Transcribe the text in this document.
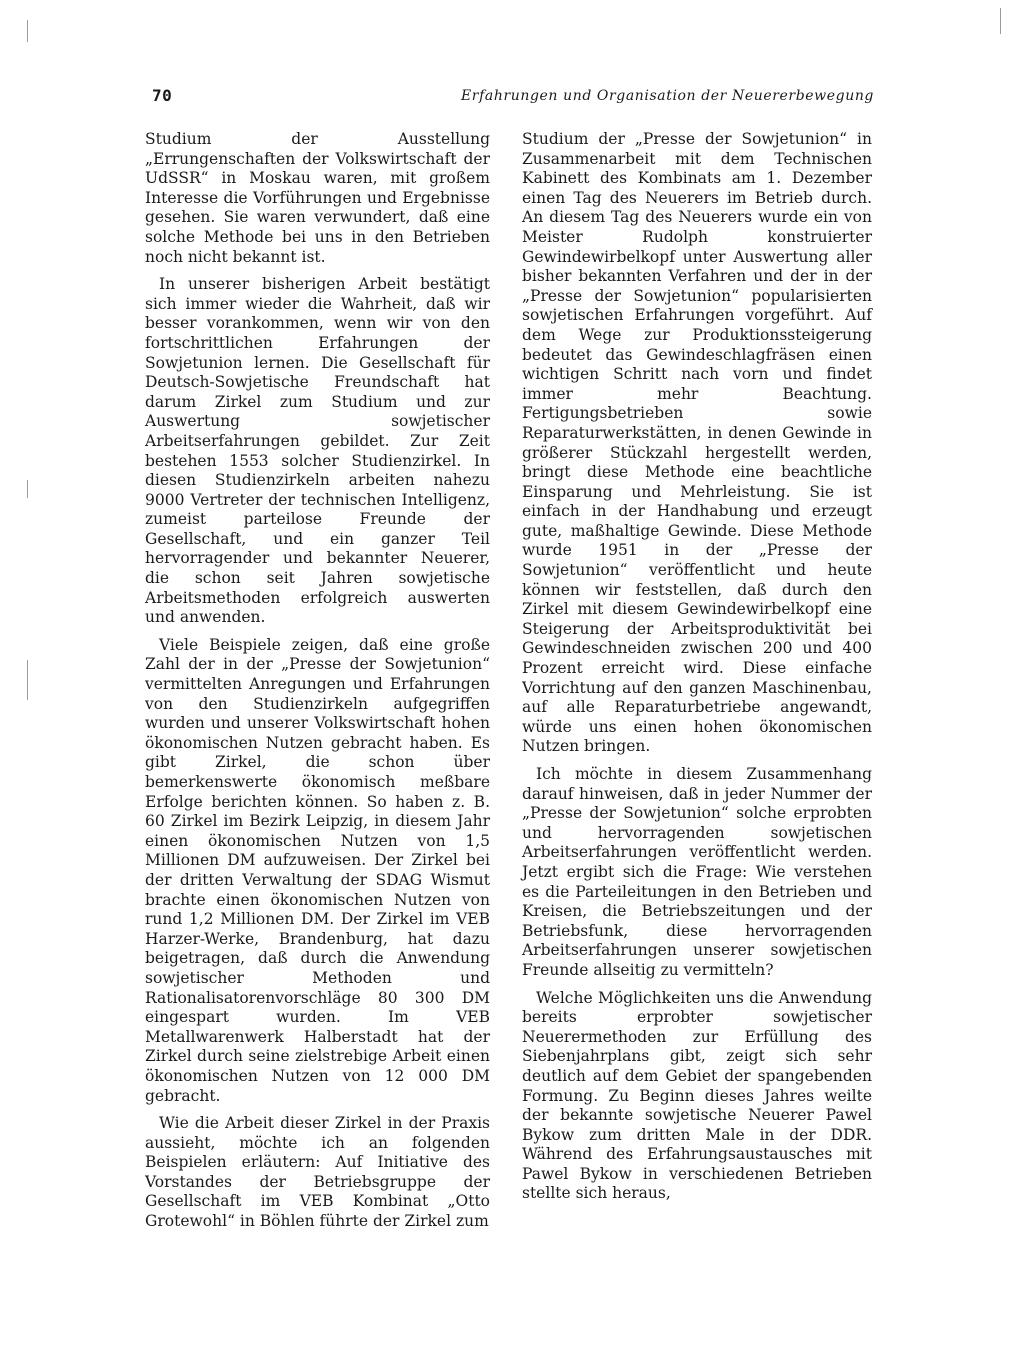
70	Erfahrungen und Organisation der Neuererbewegung

Studium der Ausstellung „Errungenschaften der Volkswirtschaft der UdSSR“ in Moskau waren, mit großem Interesse die Vorführungen und Ergebnisse gesehen. Sie waren verwundert, daß eine solche Methode bei uns in den Betrieben noch nicht bekannt ist.

In unserer bisherigen Arbeit bestätigt sich immer wieder die Wahrheit, daß wir besser vorankommen, wenn wir von den fortschrittlichen Erfahrungen der Sowjetunion lernen. Die Gesellschaft für Deutsch-Sowjetische Freundschaft hat darum Zirkel zum Studium und zur Auswertung sowjetischer Arbeitserfahrungen gebildet. Zur Zeit bestehen 1553 solcher Studienzirkel. In diesen Studienzirkeln arbeiten nahezu 9000 Vertreter der technischen Intelligenz, zumeist parteilose Freunde der Gesellschaft, und ein ganzer Teil hervorragender und bekannter Neuerer, die schon seit Jahren sowjetische Arbeitsmethoden erfolgreich auswerten und anwenden.

Viele Beispiele zeigen, daß eine große Zahl der in der „Presse der Sowjetunion“ vermittelten Anregungen und Erfahrungen von den Studienzirkeln aufgegriffen wurden und unserer Volkswirtschaft hohen ökonomischen Nutzen gebracht haben. Es gibt Zirkel, die schon über bemerkenswerte ökonomisch meßbare Erfolge berichten können. So haben z. B. 60 Zirkel im Bezirk Leipzig, in diesem Jahr einen ökonomischen Nutzen von 1,5 Millionen DM aufzuweisen. Der Zirkel bei der dritten Verwaltung der SDAG Wismut brachte einen ökonomischen Nutzen von rund 1,2 Millionen DM. Der Zirkel im VEB Harzer-Werke, Brandenburg, hat dazu beigetragen, daß durch die Anwendung sowjetischer Methoden und Rationalisatorenvorschläge 80 300 DM eingespart wurden. Im VEB Metallwarenwerk Halberstadt hat der Zirkel durch seine zielstrebige Arbeit einen ökonomischen Nutzen von 12 000 DM gebracht.

Wie die Arbeit dieser Zirkel in der Praxis aussieht, möchte ich an folgenden Beispielen erläutern: Auf Initiative des Vorstandes der Betriebsgruppe der Gesellschaft im VEB Kombinat „Otto Grotewohl“ in Böhlen führte der Zirkel zum

Studium der „Presse der Sowjetunion“ in Zusammenarbeit mit dem Technischen Kabinett des Kombinats am 1. Dezember einen Tag des Neuerers im Betrieb durch. An diesem Tag des Neuerers wurde ein von Meister Rudolph konstruierter Gewindewirbelkopf unter Auswertung aller bisher bekannten Verfahren und der in der „Presse der Sowjetunion“ popularisierten sowjetischen Erfahrungen vorgeführt. Auf dem Wege zur Produktionssteigerung bedeutet das Gewindeschlagfräsen einen wichtigen Schritt nach vorn und findet immer mehr Beachtung. Fertigungsbetrieben sowie Reparaturwerkstätten, in denen Gewinde in größerer Stückzahl hergestellt werden, bringt diese Methode eine beachtliche Einsparung und Mehrleistung. Sie ist einfach in der Handhabung und erzeugt gute, maßhaltige Gewinde. Diese Methode wurde 1951 in der „Presse der Sowjetunion“ veröffentlicht und heute können wir feststellen, daß durch den Zirkel mit diesem Gewindewirbelkopf eine Steigerung der Arbeitsproduktivität bei Gewindeschneiden zwischen 200 und 400 Prozent erreicht wird. Diese einfache Vorrichtung auf den ganzen Maschinenbau, auf alle Reparaturbetriebe angewandt, würde uns einen hohen ökonomischen Nutzen bringen.

Ich möchte in diesem Zusammenhang darauf hinweisen, daß in jeder Nummer der „Presse der Sowjetunion“ solche erprobten und hervorragenden sowjetischen Arbeitserfahrungen veröffentlicht werden. Jetzt ergibt sich die Frage: Wie verstehen es die Parteileitungen in den Betrieben und Kreisen, die Betriebszeitungen und der Betriebsfunk, diese hervorragenden Arbeitserfahrungen unserer sowjetischen Freunde allseitig zu vermitteln?

Welche Möglichkeiten uns die Anwendung bereits erprobter sowjetischer Neuerermethoden zur Erfüllung des Siebenjahrplans gibt, zeigt sich sehr deutlich auf dem Gebiet der spangebenden Formung. Zu Beginn dieses Jahres weilte der bekannte sowjetische Neuerer Pawel Bykow zum dritten Male in der DDR. Während des Erfahrungsaustausches mit Pawel Bykow in verschiedenen Betrieben stellte sich heraus,
